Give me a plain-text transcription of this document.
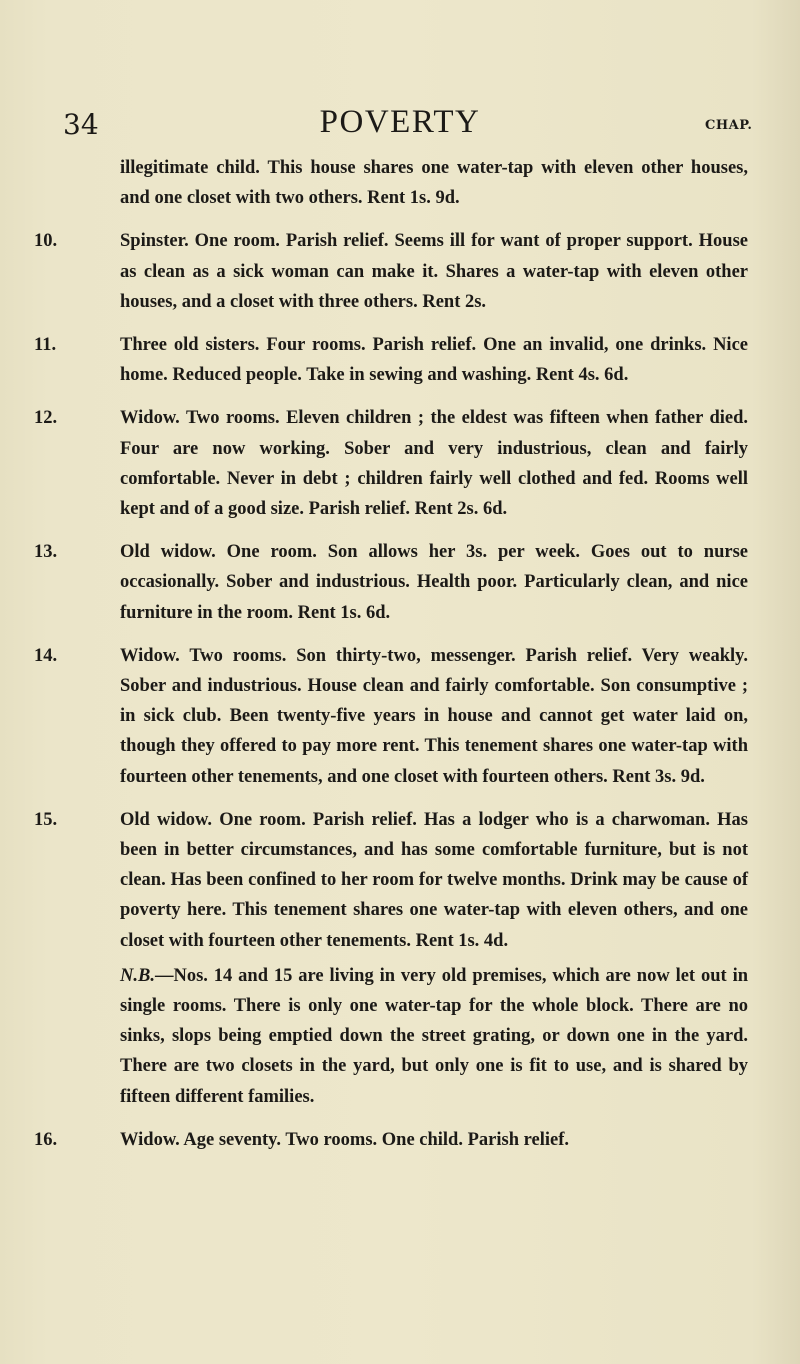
34	POVERTY	CHAP.
illegitimate child. This house shares one water-tap with eleven other houses, and one closet with two others. Rent 1s. 9d.
10.	Spinster. One room. Parish relief. Seems ill for want of proper support. House as clean as a sick woman can make it. Shares a water-tap with eleven other houses, and a closet with three others. Rent 2s.
11.	Three old sisters. Four rooms. Parish relief. One an invalid, one drinks. Nice home. Reduced people. Take in sewing and washing. Rent 4s. 6d.
12.	Widow. Two rooms. Eleven children ; the eldest was fifteen when father died. Four are now working. Sober and very industrious, clean and fairly comfortable. Never in debt ; children fairly well clothed and fed. Rooms well kept and of a good size. Parish relief. Rent 2s. 6d.
13.	Old widow. One room. Son allows her 3s. per week. Goes out to nurse occasionally. Sober and industrious. Health poor. Particularly clean, and nice furniture in the room. Rent 1s. 6d.
14.	Widow. Two rooms. Son thirty-two, messenger. Parish relief. Very weakly. Sober and industrious. House clean and fairly comfortable. Son consumptive ; in sick club. Been twenty-five years in house and cannot get water laid on, though they offered to pay more rent. This tenement shares one water-tap with fourteen other tenements, and one closet with fourteen others. Rent 3s. 9d.
15.	Old widow. One room. Parish relief. Has a lodger who is a charwoman. Has been in better circumstances, and has some comfortable furniture, but is not clean. Has been confined to her room for twelve months. Drink may be cause of poverty here. This tenement shares one water-tap with eleven others, and one closet with fourteen other tenements. Rent 1s. 4d.
N.B.—Nos. 14 and 15 are living in very old premises, which are now let out in single rooms. There is only one water-tap for the whole block. There are no sinks, slops being emptied down the street grating, or down one in the yard. There are two closets in the yard, but only one is fit to use, and is shared by fifteen different families.
16.	Widow. Age seventy. Two rooms. One child. Parish relief.
